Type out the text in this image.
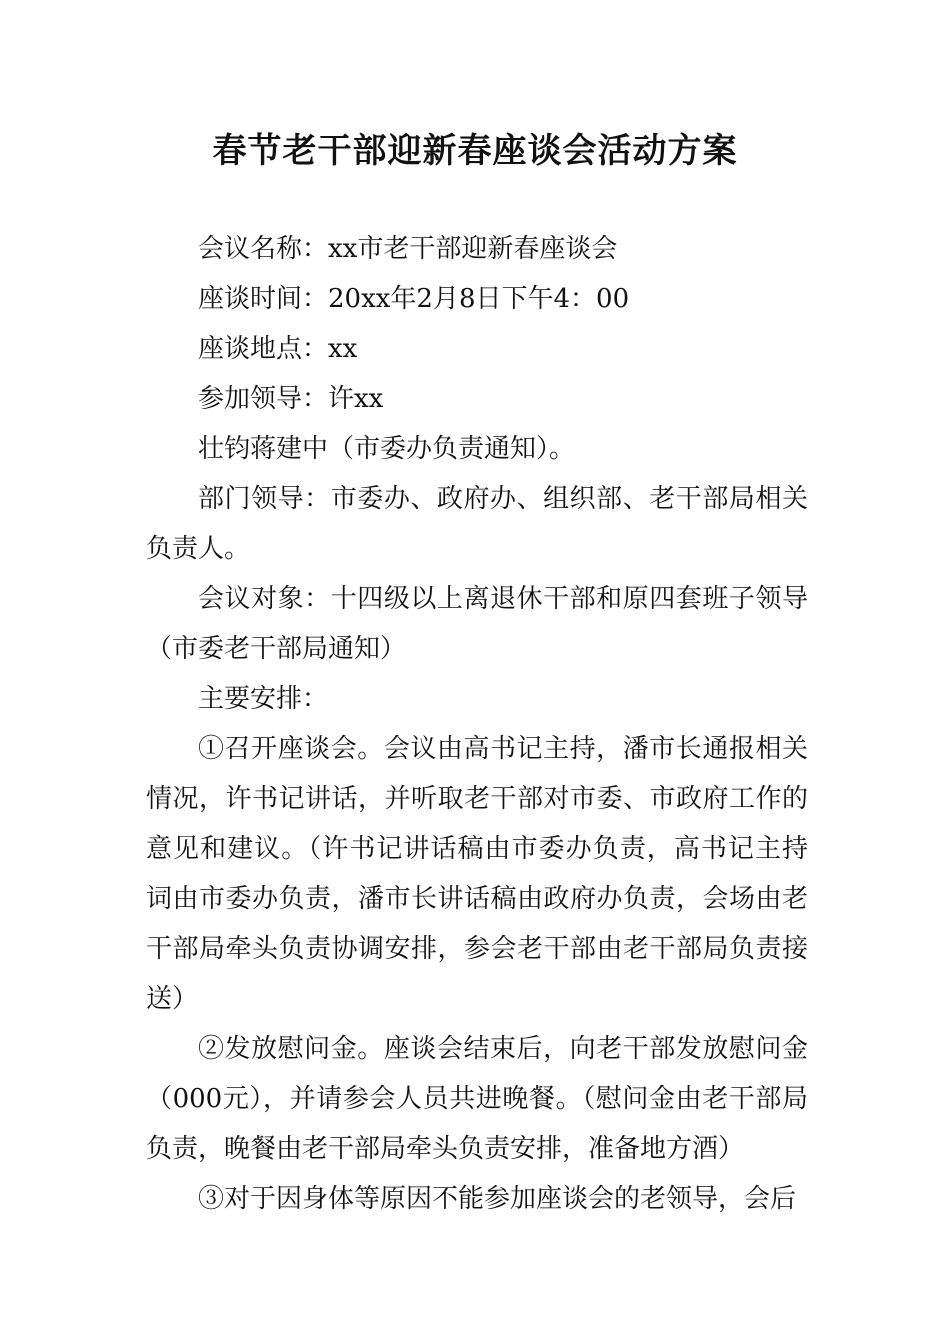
春节老干部迎新春座谈会活动方案

会议名称：xx市老干部迎新春座谈会

座谈时间：20xx年2月8日下午4：00

座谈地点：xx

参加领导：许xx

壮钧蒋建中（市委办负责通知）。

部门领导：市委办、政府办、组织部、老干部局相关负责人。

会议对象：十四级以上离退休干部和原四套班子领导（市委老干部局通知）

主要安排：

①召开座谈会。会议由高书记主持，潘市长通报相关情况，许书记讲话，并听取老干部对市委、市政府工作的意见和建议。（许书记讲话稿由市委办负责，高书记主持词由市委办负责，潘市长讲话稿由政府办负责，会场由老干部局牵头负责协调安排，参会老干部由老干部局负责接送）

②发放慰问金。座谈会结束后，向老干部发放慰问金（000元），并请参会人员共进晚餐。（慰问金由老干部局负责，晚餐由老干部局牵头负责安排，准备地方酒）

③对于因身体等原因不能参加座谈会的老领导，会后
